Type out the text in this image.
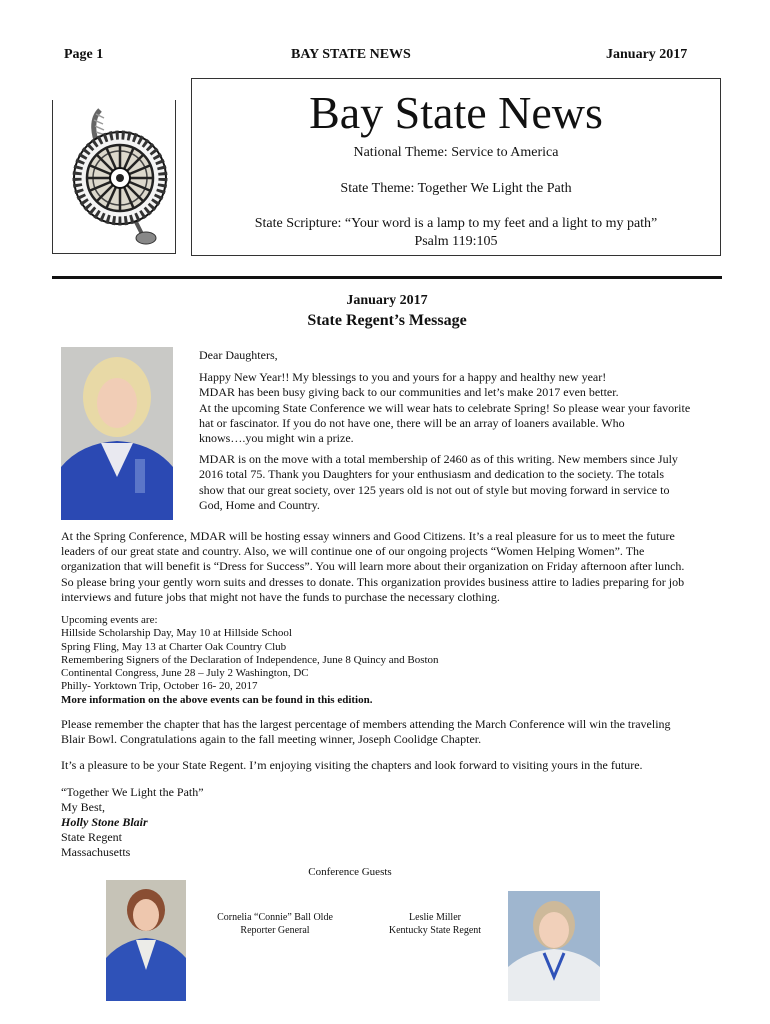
Page 1	BAY STATE NEWS	January 2017
Bay State News
National Theme: Service to America
State Theme: Together We Light the Path
State Scripture: “Your word is a lamp to my feet and a light to my path”
Psalm 119:105
January 2017
State Regent’s Message

Dear Daughters,

Happy New Year!! My blessings to you and yours for a happy and healthy new year!

MDAR has been busy giving back to our communities and let’s make 2017 even better.

At the upcoming State Conference we will wear hats to celebrate Spring! So please wear your favorite

hat or fascinator. If you do not have one, there will be an array of loaners available. Who

knows….you might win a prize.

MDAR is on the move with a total membership of 2460 as of this writing. New members since July

2016 total 75. Thank you Daughters for your enthusiasm and dedication to the society. The totals

show that our great society, over 125 years old is not out of style but moving forward in service to

God, Home and Country.

At the Spring Conference, MDAR will be hosting essay winners and Good Citizens. It’s a real pleasure for us to meet the future

leaders of our great state and country. Also, we will continue one of our ongoing projects “Women Helping Women”. The

organization that will benefit is “Dress for Success”. You will learn more about their organization on Friday afternoon after lunch.

So please bring your gently worn suits and dresses to donate. This organization provides business attire to ladies preparing for job

interviews and future jobs that might not have the funds to purchase the necessary clothing.

Upcoming events are:
Hillside Scholarship Day, May 10 at Hillside School
Spring Fling, May 13 at Charter Oak Country Club
Remembering Signers of the Declaration of Independence, June 8 Quincy and Boston
Continental Congress, June 28 – July 2 Washington, DC
Philly- Yorktown Trip, October 16- 20, 2017
More information on the above events can be found in this edition.

Please remember the chapter that has the largest percentage of members attending the March Conference will win the traveling

Blair Bowl. Congratulations again to the fall meeting winner, Joseph Coolidge Chapter.

It’s a pleasure to be your State Regent. I’m enjoying visiting the chapters and look forward to visiting yours in the future.

“Together We Light the Path”

My Best,

Holly Stone Blair

State Regent

Massachusetts

Conference Guests
Cornelia “Connie” Ball Olde
Reporter General
Leslie Miller
Kentucky State Regent
